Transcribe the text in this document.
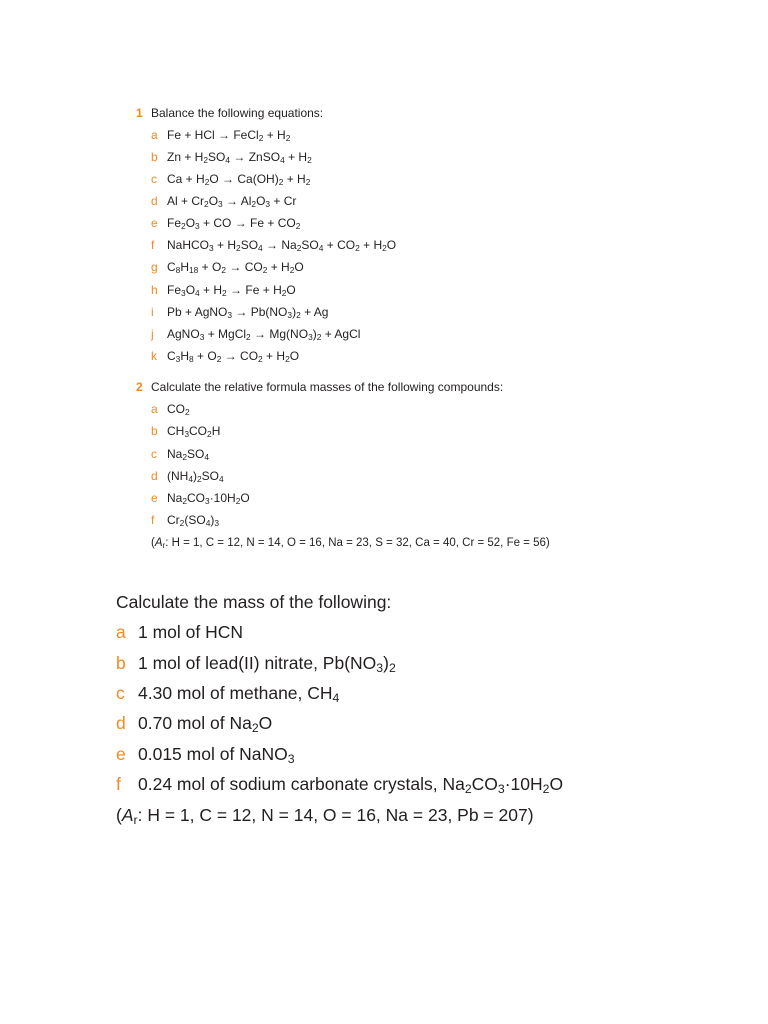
1 Balance the following equations:
a Fe + HCl → FeCl$_2$ + $H_2$
b $Zn + H_2SO_4$ → ZnSO$_4$ + $H_2$
c $Ca + H_2O \to Ca(OH)_2 + H_2$
d $Al + Cr_2O_3 \to Al_2O_3 + Cr$
e $Fe_2O_3$ + CO → $Fe + CO_2$
f NaHCO$_3$ + $H_2SO_4 \to Na_2SO_4 + CO_2 + H_2O$
g $C_8H_{18} + O_2 \to CO_2 + H_2O$
h $Fe_3O_4 + H_2 \to Fe + H_2O$
i Pb + AgNO$_3$ → $Pb(NO_3)_2 + Ag$
j AgNO$_3$ + MgCl$_2$ → $Mg(NO_3)_2$ + AgCl
k $C_3H_8 + O_2 \to CO_2 + H_2O$
2 Calculate the relative formula masses of the following compounds:
a $CO_2$
b $CH_3CO_2H$
c $Na_2SO_4$
d $(NH_4)_2SO_4$
e $Na_2CO_3\cdot 10H_2O$
f $Cr_2(SO_4)_3$
($A_r$: H = 1, C = 12, N = 14, O = 16, Na = 23, S = 32, Ca = 40, Cr = 52, Fe = 56)
Calculate the mass of the following:
a 1 mol of HCN
b 1 mol of lead(II) nitrate, $Pb(NO_3)_2$
c 4.30 mol of methane, $CH_4$
d 0.70 mol of $Na_2O$
e 0.015 mol of NaNO$_3$
f 0.24 mol of sodium carbonate crystals, $Na_2CO_3\cdot 10H_2O$
($A_r$: H = 1, C = 12, N = 14, O = 16, Na = 23, Pb = 207)
